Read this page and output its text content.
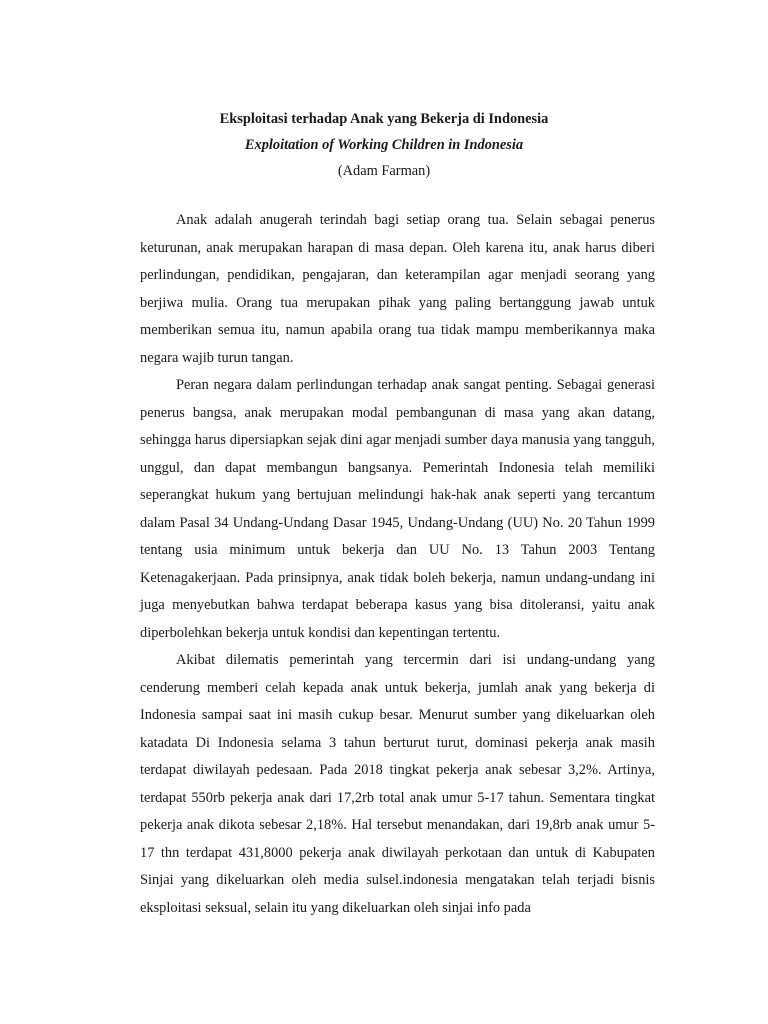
Eksploitasi terhadap Anak yang Bekerja di Indonesia
Exploitation of Working Children in Indonesia
(Adam Farman)

Anak adalah anugerah terindah bagi setiap orang tua. Selain sebagai penerus keturunan, anak merupakan harapan di masa depan. Oleh karena itu, anak harus diberi perlindungan, pendidikan, pengajaran, dan keterampilan agar menjadi seorang yang berjiwa mulia. Orang tua merupakan pihak yang paling bertanggung jawab untuk memberikan semua itu, namun apabila orang tua tidak mampu memberikannya maka negara wajib turun tangan.

Peran negara dalam perlindungan terhadap anak sangat penting. Sebagai generasi penerus bangsa, anak merupakan modal pembangunan di masa yang akan datang, sehingga harus dipersiapkan sejak dini agar menjadi sumber daya manusia yang tangguh, unggul, dan dapat membangun bangsanya. Pemerintah Indonesia telah memiliki seperangkat hukum yang bertujuan melindungi hak-hak anak seperti yang tercantum dalam Pasal 34 Undang-Undang Dasar 1945, Undang-Undang (UU) No. 20 Tahun 1999 tentang usia minimum untuk bekerja dan UU No. 13 Tahun 2003 Tentang Ketenagakerjaan. Pada prinsipnya, anak tidak boleh bekerja, namun undang-undang ini juga menyebutkan bahwa terdapat beberapa kasus yang bisa ditoleransi, yaitu anak diperbolehkan bekerja untuk kondisi dan kepentingan tertentu.

Akibat dilematis pemerintah yang tercermin dari isi undang-undang yang cenderung memberi celah kepada anak untuk bekerja, jumlah anak yang bekerja di Indonesia sampai saat ini masih cukup besar. Menurut sumber yang dikeluarkan oleh katadata Di Indonesia selama 3 tahun berturut turut, dominasi pekerja anak masih terdapat diwilayah pedesaan. Pada 2018 tingkat pekerja anak sebesar 3,2%. Artinya, terdapat 550rb pekerja anak dari 17,2rb total anak umur 5-17 tahun. Sementara tingkat pekerja anak dikota sebesar 2,18%. Hal tersebut menandakan, dari 19,8rb anak umur 5-17 thn terdapat 431,8000 pekerja anak diwilayah perkotaan dan untuk di Kabupaten Sinjai yang dikeluarkan oleh media sulsel.indonesia mengatakan telah terjadi bisnis eksploitasi seksual, selain itu yang dikeluarkan oleh sinjai info pada
